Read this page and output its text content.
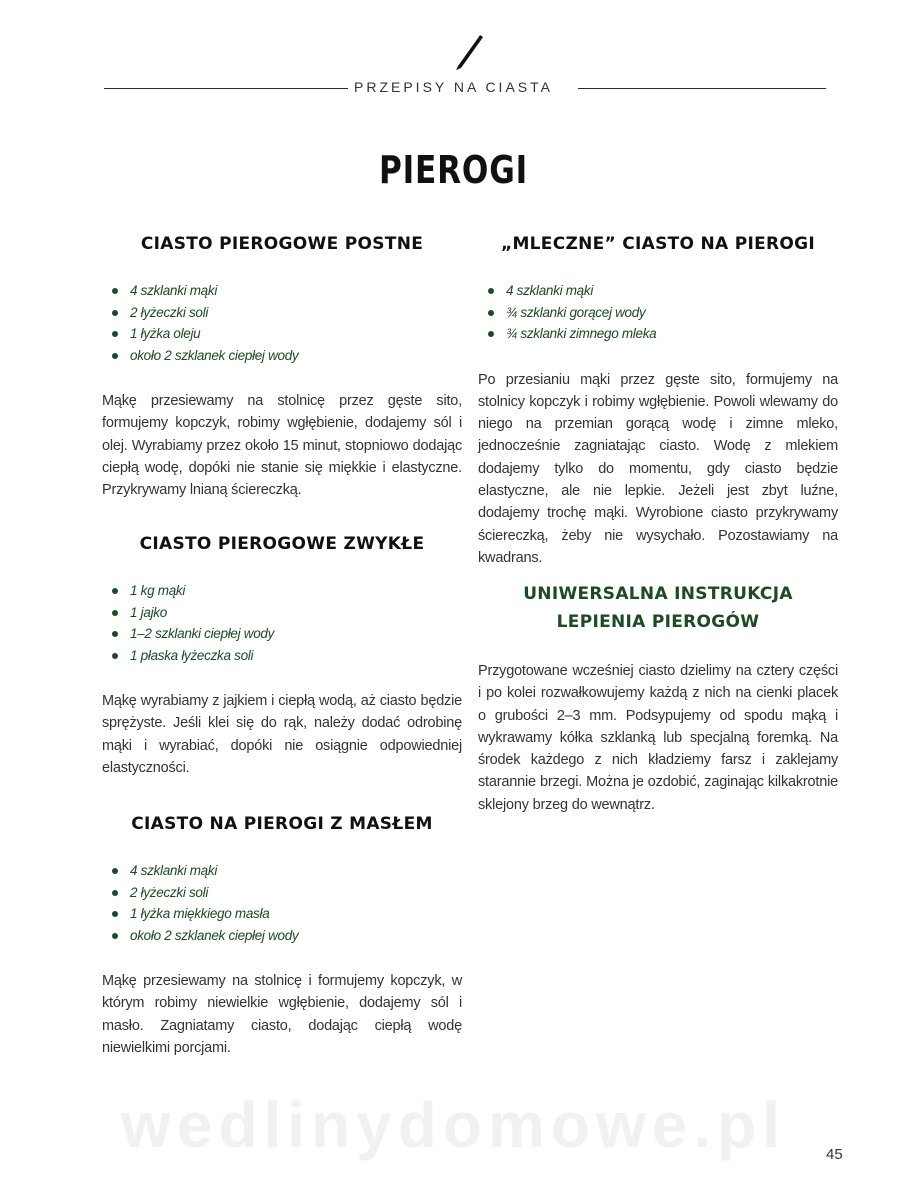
PRZEPISY NA CIASTA
PIEROGI
CIASTO PIEROGOWE POSTNE
4 szklanki mąki
2 łyżeczki soli
1 łyżka oleju
około 2 szklanek ciepłej wody

Mąkę przesiewamy na stolnicę przez gęste sito, formujemy kopczyk, robimy wgłębienie, dodajemy sól i olej. Wyrabiamy przez około 15 minut, stopniowo dodając ciepłą wodę, dopóki nie stanie się miękkie i elastyczne. Przykrywamy lnianą ściereczką.

CIASTO PIEROGOWE ZWYKŁE
1 kg mąki
1 jajko
1–2 szklanki ciepłej wody
1 płaska łyżeczka soli

Mąkę wyrabiamy z jajkiem i ciepłą wodą, aż ciasto będzie sprężyste. Jeśli klei się do rąk, należy dodać odrobinę mąki i wyrabiać, dopóki nie osiągnie odpowiedniej elastyczności.

CIASTO NA PIEROGI Z MASŁEM
4 szklanki mąki
2 łyżeczki soli
1 łyżka miękkiego masła
około 2 szklanek ciepłej wody

Mąkę przesiewamy na stolnicę i formujemy kopczyk, w którym robimy niewielkie wgłębienie, dodajemy sól i masło. Zagniatamy ciasto, dodając ciepłą wodę niewielkimi porcjami.

„MLECZNE” CIASTO NA PIEROGI
4 szklanki mąki
¾ szklanki gorącej wody
¾ szklanki zimnego mleka

Po przesianiu mąki przez gęste sito, formujemy na stolnicy kopczyk i robimy wgłębienie. Powoli wlewamy do niego na przemian gorącą wodę i zimne mleko, jednocześnie zagniatając ciasto. Wodę z mlekiem dodajemy tylko do momentu, gdy ciasto będzie elastyczne, ale nie lepkie. Jeżeli jest zbyt luźne, dodajemy trochę mąki. Wyrobione ciasto przykrywamy ściereczką, żeby nie wysychało. Pozostawiamy na kwadrans.

UNIWERSALNA INSTRUKCJA
LEPIENIA PIEROGÓW

Przygotowane wcześniej ciasto dzielimy na cztery części i po kolei rozwałkowujemy każdą z nich na cienki placek o grubości 2–3 mm. Podsypujemy od spodu mąką i wykrawamy kółka szklanką lub specjalną foremką. Na środek każdego z nich kładziemy farsz i zaklejamy starannie brzegi. Można je ozdobić, zaginając kilkakrotnie sklejony brzeg do wewnątrz.

wedlinydomowe.pl	45
